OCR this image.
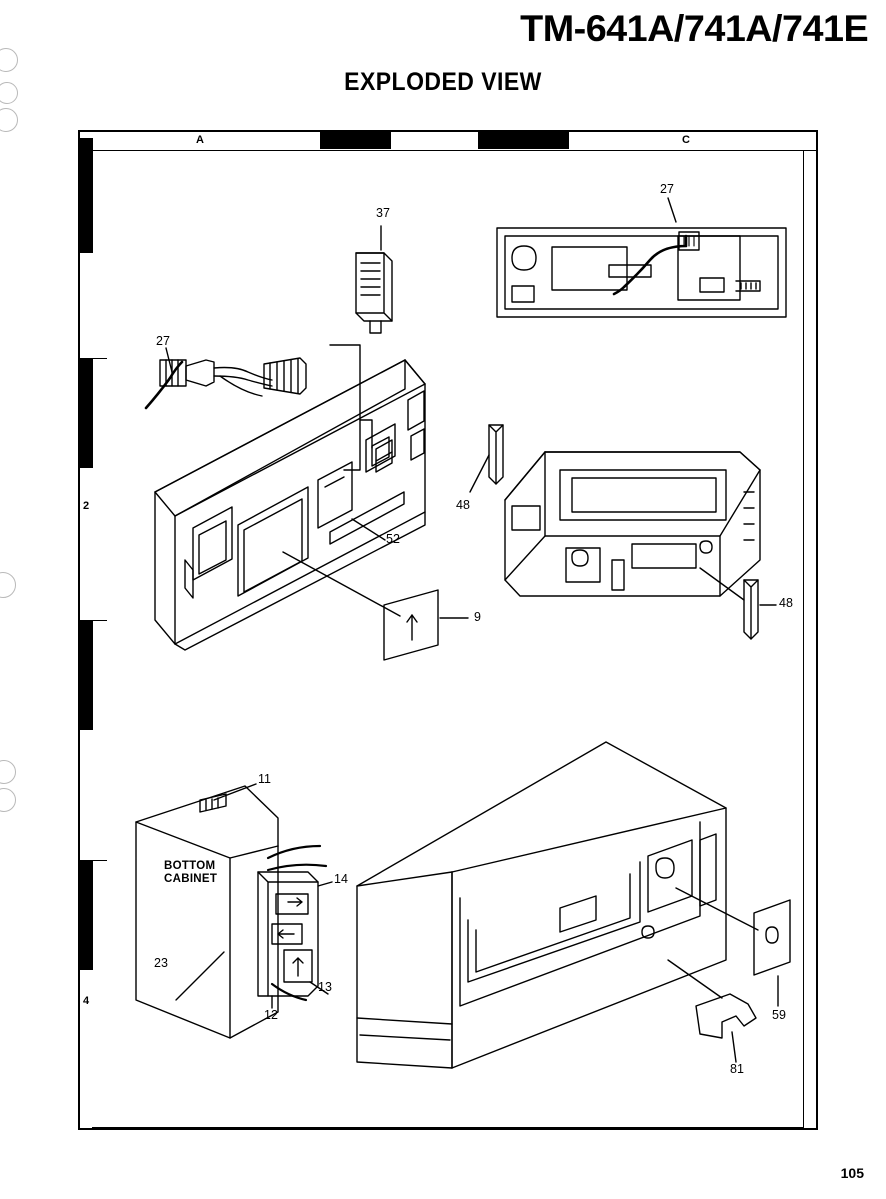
TM-641A/741A/741E
EXPLODED VIEW
105
A	B	C
1
2
3
4
37
27
27
52
48
48
9
11
14
13
12
23
59
81
BOTTOM
CABINET
